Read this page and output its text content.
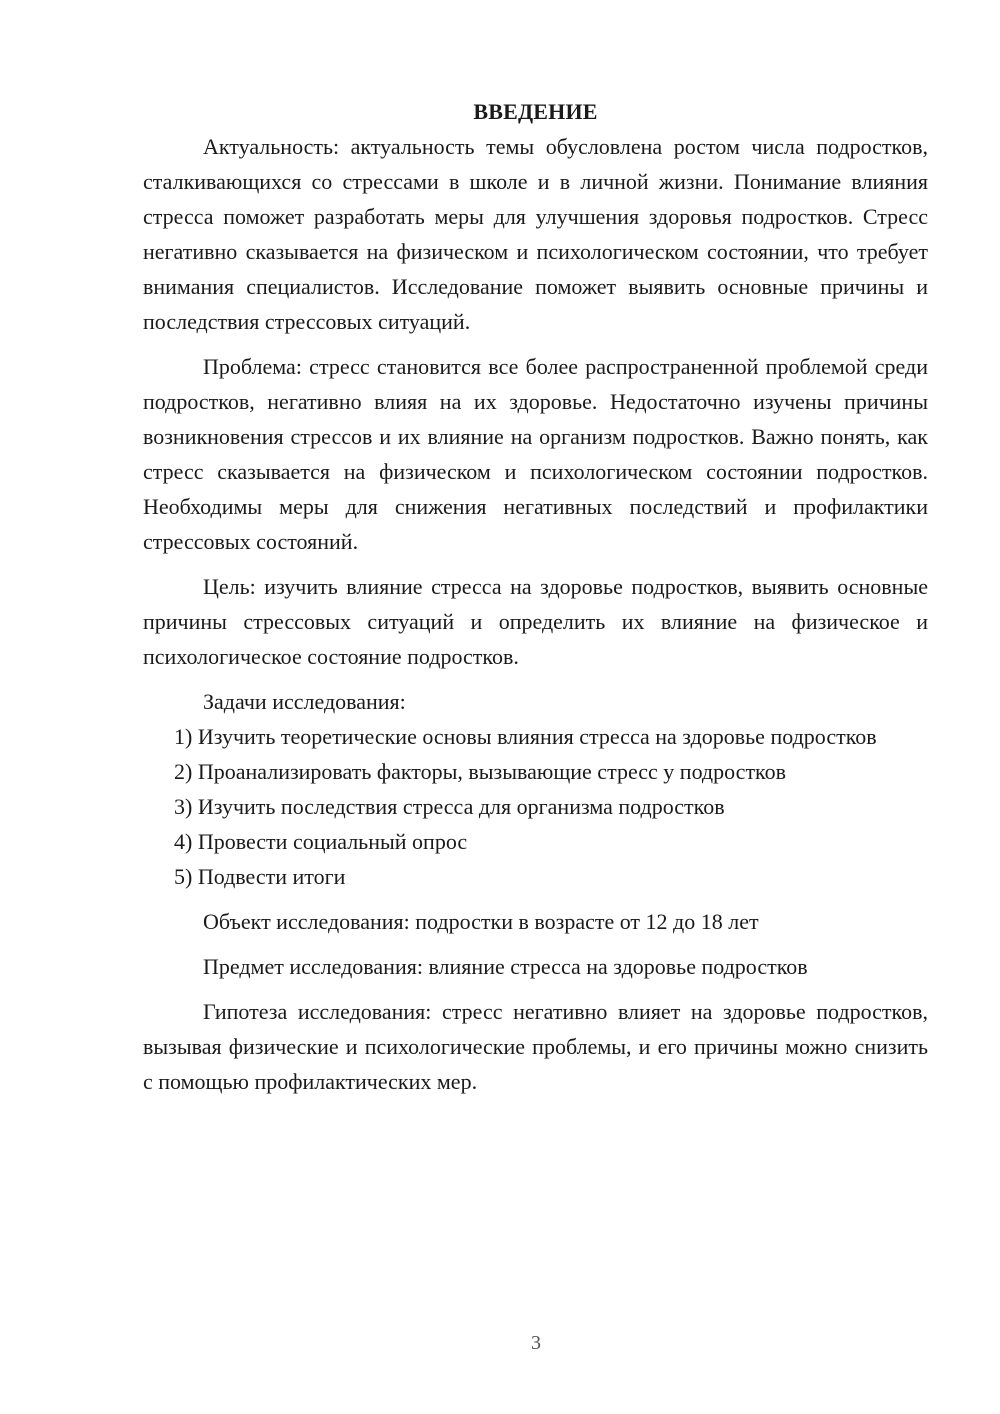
ВВЕДЕНИЕ

Актуальность: актуальность темы обусловлена ростом числа подростков, сталкивающихся со стрессами в школе и в личной жизни. Понимание влияния стресса поможет разработать меры для улучшения здоровья подростков. Стресс негативно сказывается на физическом и психологическом состоянии, что требует внимания специалистов. Исследование поможет выявить основные причины и последствия стрессовых ситуаций.

Проблема: стресс становится все более распространенной проблемой среди подростков, негативно влияя на их здоровье. Недостаточно изучены причины возникновения стрессов и их влияние на организм подростков. Важно понять, как стресс сказывается на физическом и психологическом состоянии подростков. Необходимы меры для снижения негативных последствий и профилактики стрессовых состояний.

Цель: изучить влияние стресса на здоровье подростков, выявить основные причины стрессовых ситуаций и определить их влияние на физическое и психологическое состояние подростков.

Задачи исследования:

1) Изучить теоретические основы влияния стресса на здоровье подростков

2) Проанализировать факторы, вызывающие стресс у подростков

3) Изучить последствия стресса для организма подростков

4) Провести социальный опрос

5) Подвести итоги

Объект исследования: подростки в возрасте от 12 до 18 лет

Предмет исследования: влияние стресса на здоровье подростков

Гипотеза исследования: стресс негативно влияет на здоровье подростков, вызывая физические и психологические проблемы, и его причины можно снизить с помощью профилактических мер.

3
